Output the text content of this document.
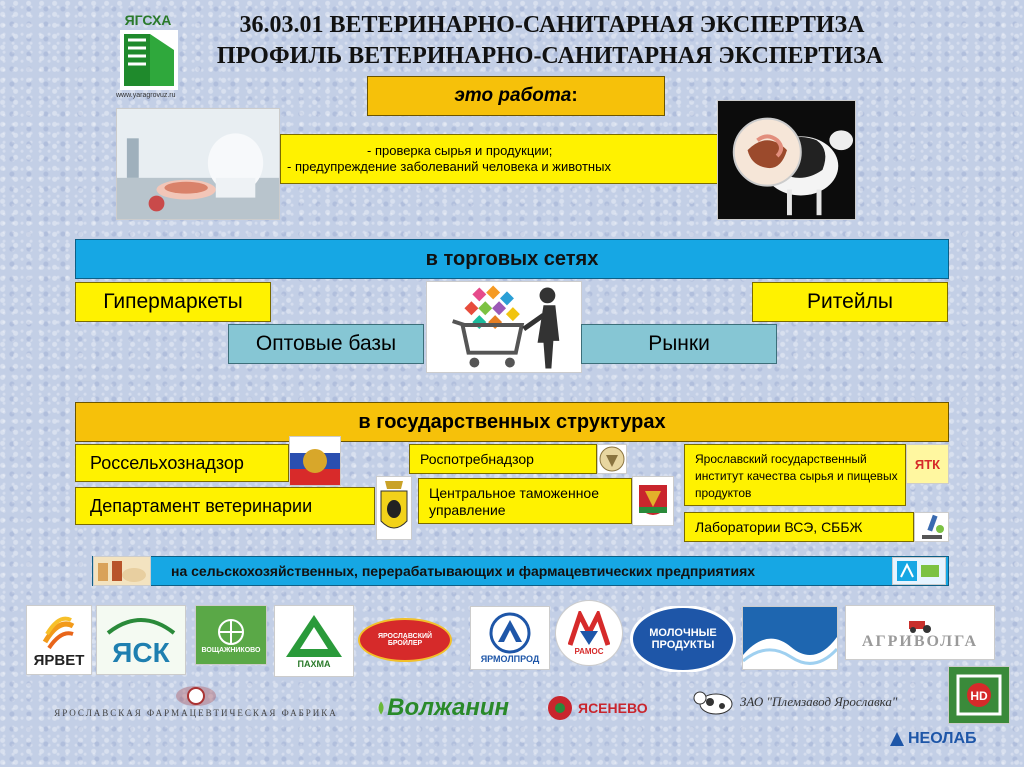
ЯГСХА
www.yaragrovuz.ru
36.03.01 ВЕТЕРИНАРНО-САНИТАРНАЯ ЭКСПЕРТИЗА
ПРОФИЛЬ ВЕТЕРИНАРНО-САНИТАРНАЯ ЭКСПЕРТИЗА
это работа :
- проверка сырья и продукции;
- предупреждение заболеваний человека и животных
в торговых сетях
Гипермаркеты
Оптовые базы	Рынки
Ритейлы
в государственных структурах
Россельхознадзор
Департамент ветеринарии
Роспотребнадзор
Центральное таможенное управление
Ярославский государственный институт качества сырья и пищевых продуктов
ЯТК
Лаборатории ВСЭ, СББЖ
на сельскохозяйственных, перерабатывающих и фармацевтических предприятиях
ЯРВЕТ ЯСК	ВОЩАЖНИКОВО
ПАХМА
ЯРОСЛАВСКИЙ БРОЙЛЕР
ЯРМОЛПРОД
РАМОС
МОЛОЧНЫЕ ПРОДУКТЫ	АГРИВОЛГА
ЯРОСЛАВСКАЯ ФАРМАЦЕВТИЧЕСКАЯ ФАБРИКА Волжанин	ЯСЕНЕВО	ЗАО "Племзавод Ярославка"	HD
НЕОЛАБ
